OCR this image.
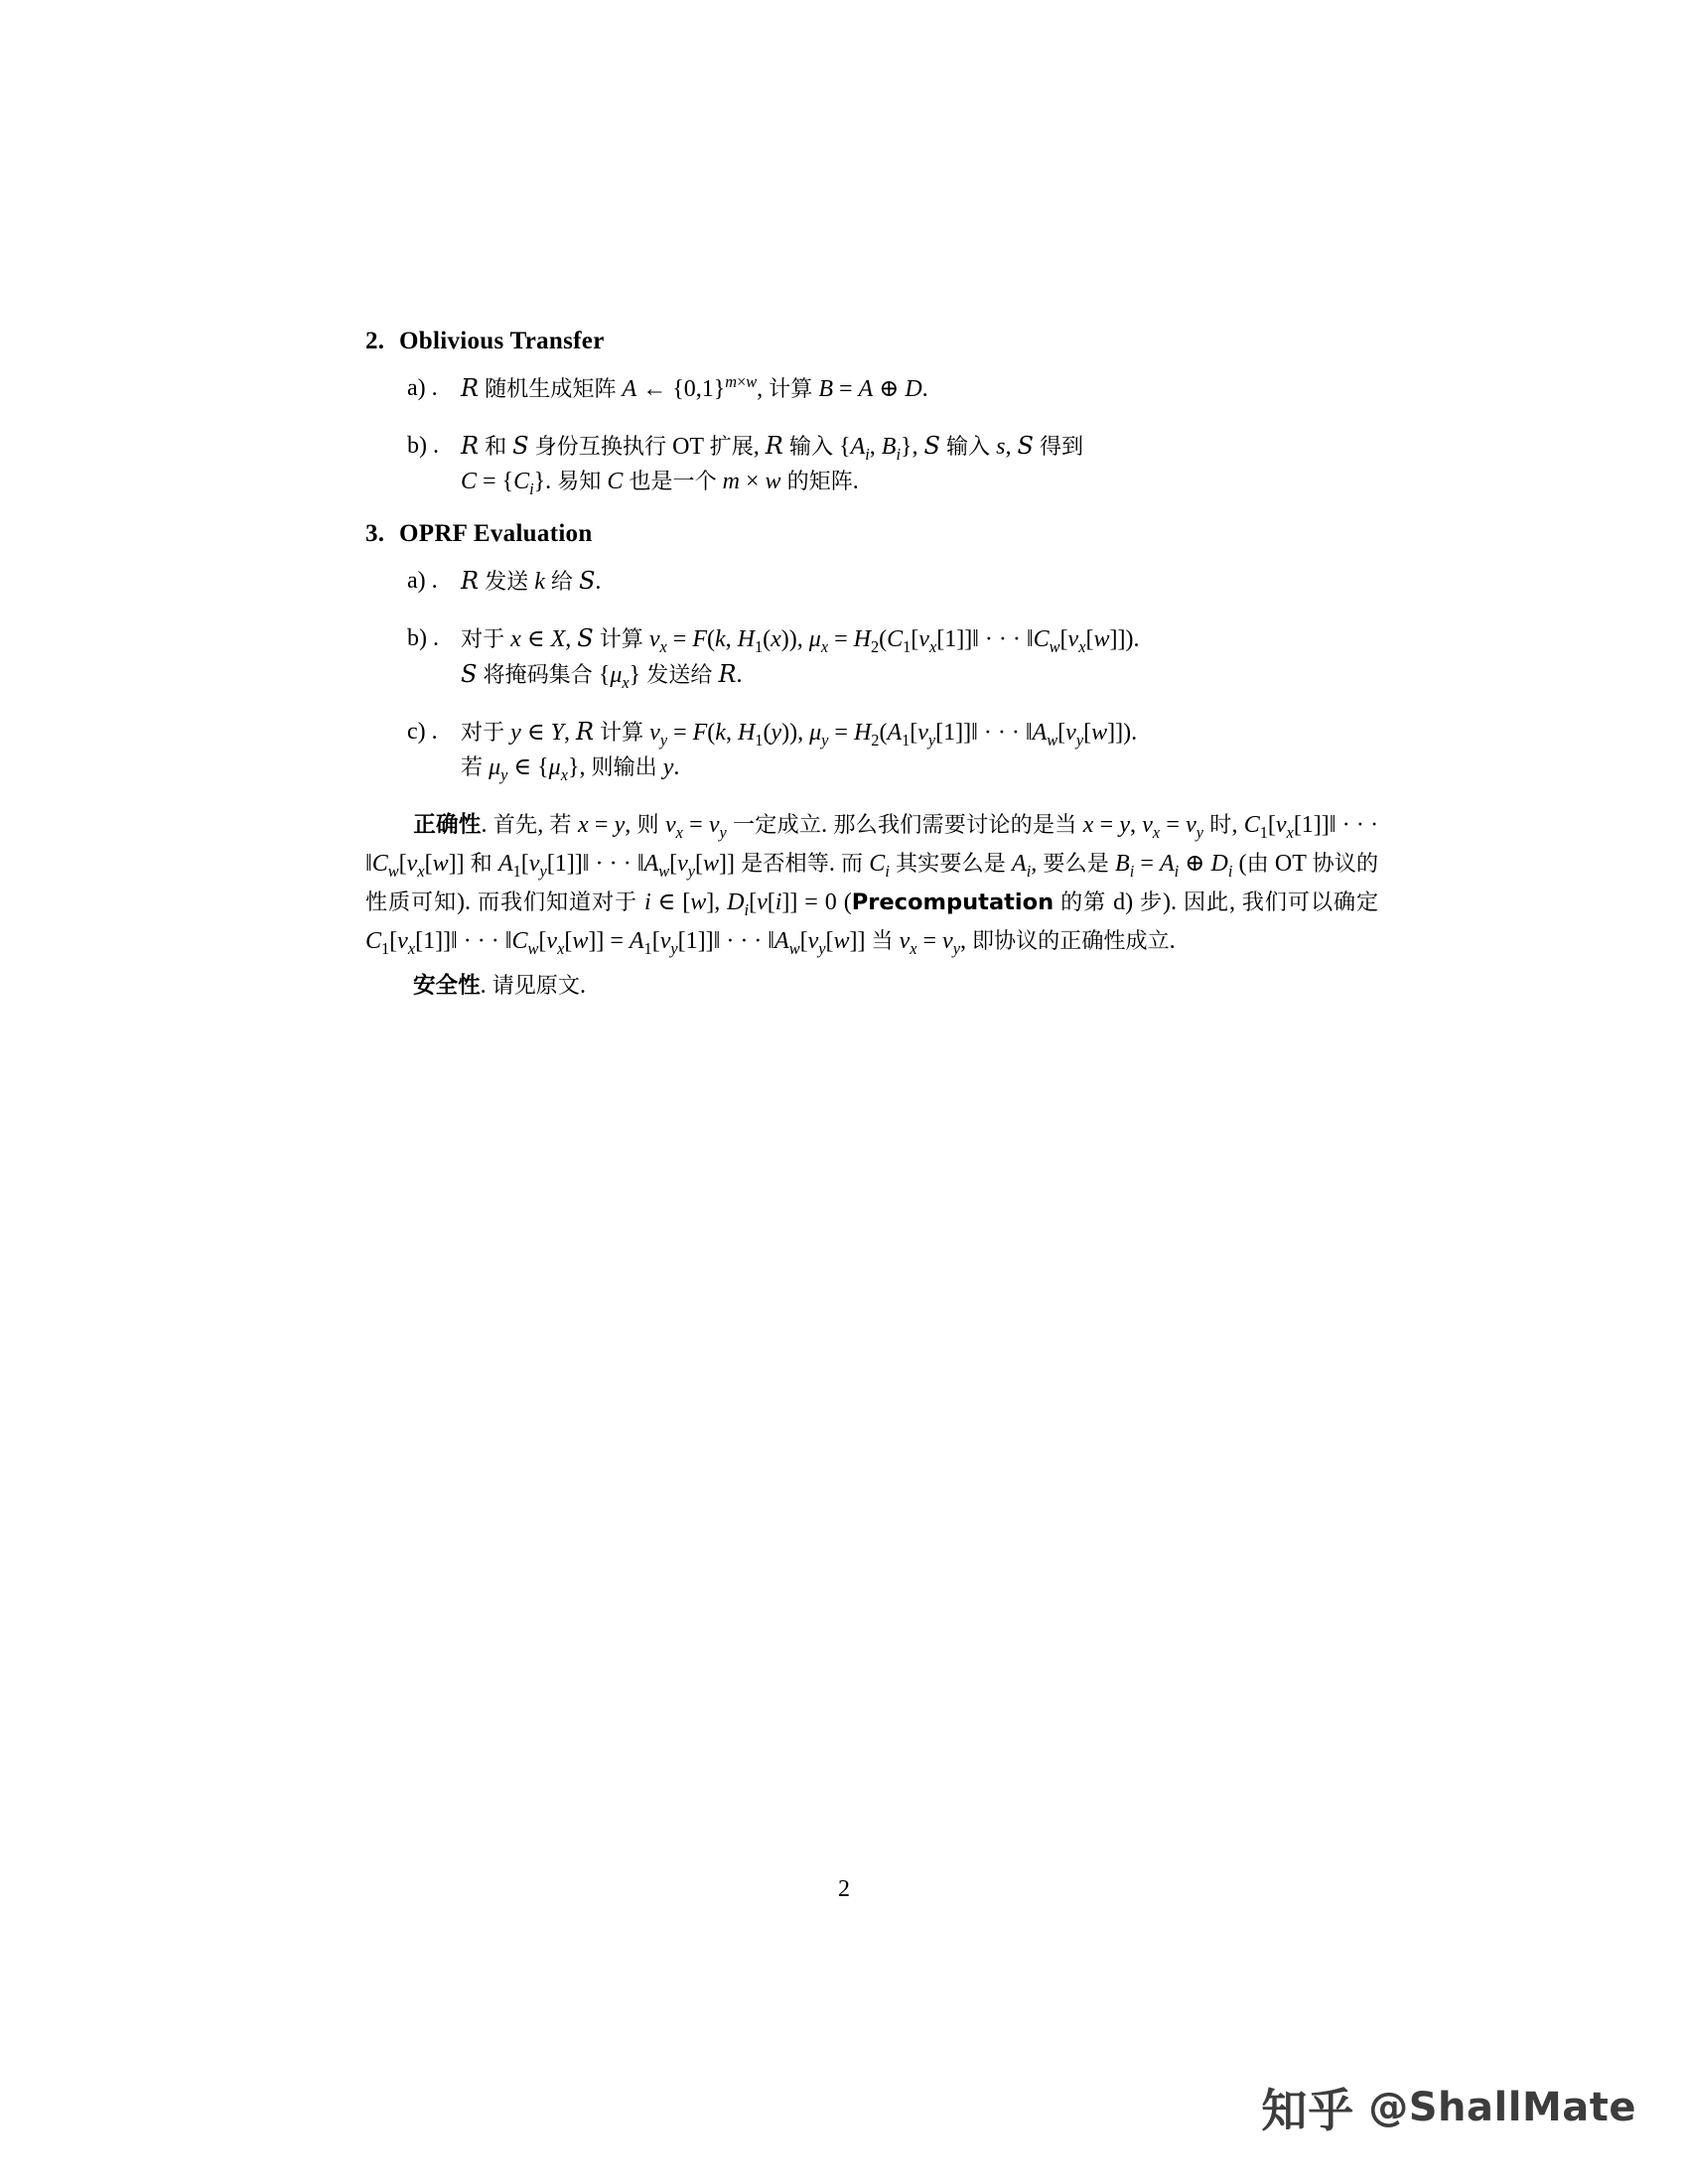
2. Oblivious Transfer
a) . R 随机生成矩阵 A ← $\{0,1\}^{m\times w}$, 计算 B = A ⊕ D.
b) . R 和 S 身份互换执行 OT 扩展, R 输入 {$A_i$, $B_i$}, S 输入 s, S 得到
$C = \{C_i\}$. 易知 C 也是一个 m × w 的矩阵.
3. OPRF Evaluation
a) . R 发送 k 给 S.
b) . 对于 x ∈ X, S 计算 $v_x = F(k$, $H_1(x)$), $\mu_x$ = $H_2(C_1[v_x[1]]‖$ · · · $‖C_w[v_x[w]]$).
S 将掩码集合 $\{\mu_x\}$ 发送给 R.
c) .	对于 y ∈ Y, R 计算 $v_y = F(k$, $H_1(y)$), $\mu_y$ = $H_2(A_1[v_y[1]]‖$ · · · $‖A_w[v_y[w]]$).
若 $\mu_y$ ∈ $\{\mu_x\}$, 则输出 y.
正确性. 首先, 若 x = y, 则 $v_x = v_y$ 一定成立. 那么我们需要讨论的是当 x = y, $v_x = v_y$ 时, $C_1[v_x[1]]‖$ · · · $‖C_w[v_x[w]]$ 和 $A_1[v_y[1]]‖$ · · · $‖A_w[v_y[w]]$ 是否相等. 而 $C_i$ 其实要么是 $A_i$, 要么是 $B_i = A_i$ ⊕ $D_i$ (由 OT 协议的性质可知). 而我们知道对于 i ∈ [w], $D_i[v[i]] = 0$ (Precomputation 的第 d) 步). 因此, 我们可以确定 $C_1[v_x[1]]‖$ · · · $‖C_w[v_x[w]]$ = $A_1[v_y[1]]‖$ · · · $‖A_w[v_y[w]]$ 当 $v_x = v_y$, 即协议的正确性成立.
安全性. 请见原文.
2
知乎 @ShallMate
